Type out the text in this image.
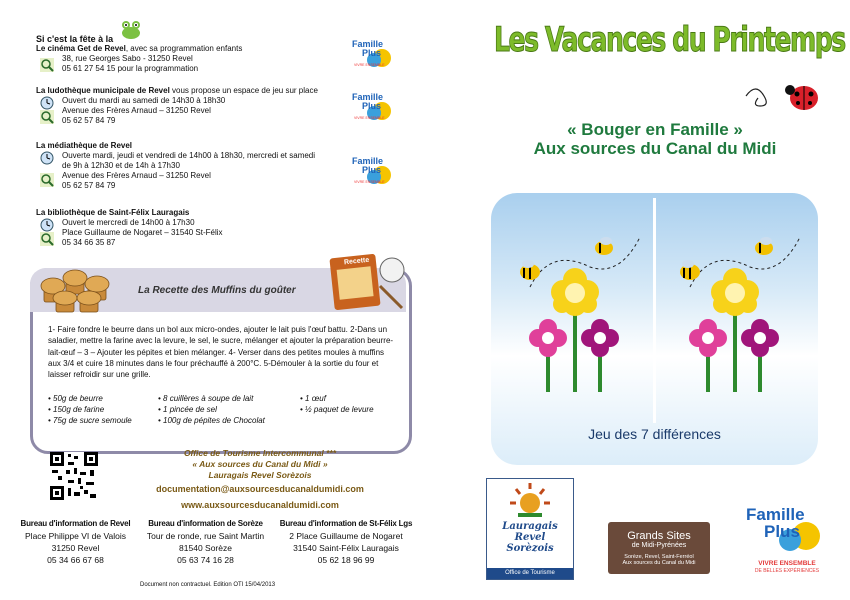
Si c'est la fête à la
Le cinéma Get de Revel, avec sa programmation enfants
38, rue Georges Sabo - 31250 Revel
05 61 27 54 15 pour la programmation
La ludothèque municipale de Revel vous propose un espace de jeu sur place
Ouvert du mardi au samedi de 14h30 à 18h30
Avenue des Frères Arnaud – 31250 Revel
05 62 57 84 79
La médiathèque de Revel
Ouverte mardi, jeudi et vendredi de 14h00 à 18h30, mercredi et samedi
de 9h à 12h30 et de 14h à 17h30
Avenue des Frères Arnaud – 31250 Revel
05 62 57 84 79
La bibliothèque de Saint-Félix Lauragais
Ouvert le mercredi de 14h00 à 17h30
Place Guillaume de Nogaret – 31540 St-Félix
05 34 66 35 87
Famille
Plus
VIVRE ENSEMBLE
Famille
Plus
VIVRE ENSEMBLE
Famille
Plus
VIVRE ENSEMBLE
La Recette des Muffins du goûter
Recette
1- Faire fondre le beurre dans un bol aux micro-ondes, ajouter le lait puis l'œuf battu. 2-Dans un saladier, mettre la farine avec la levure, le sel, le sucre, mélanger et ajouter la préparation beurre-lait-œuf – 3 – Ajouter les pépites et bien mélanger. 4- Verser dans des petites moules à muffins aux 3/4 et cuire 18 minutes dans le four préchauffé à 200°C. 5-Démouler à la sortie du four et laisser refroidir sur une grille.
• 50g de beurre
• 150g de farine
• 75g de sucre semoule
• 8 cuillères à soupe de lait
• 1 pincée de sel
• 100g de pépites de Chocolat
• 1 œuf
• ½ paquet de levure
Office de Tourisme Intercommunal ***
« Aux sources du Canal du Midi »
Lauragais Revel Sorèzois
documentation@auxsourcesducanaldumidi.com
www.auxsourcesducanaldumidi.com
Bureau d'information de Revel
Place Philippe VI de Valois
31250 Revel
05 34 66 67 68
Bureau d'information de Sorèze
Tour de ronde, rue Saint Martin
81540 Sorèze
05 63 74 16 28
Bureau d'information de St-Félix Lgs
2 Place Guillaume de Nogaret
31540 Saint-Félix Lauragais
05 62 18 96 99
Document non contractuel. Edition OTI 15/04/2013
Les Vacances du Printemps
« Bouger en Famille »
Aux sources du Canal du Midi
Jeu des 7 différences
Lauragais
Revel
Sorèzois
Office de Tourisme
Grands Sites
de Midi-Pyrénées
Sorèze, Revel, Saint-Ferréol
Aux sources du Canal du Midi
Famille
Plus
VIVRE ENSEMBLE
DE BELLES EXPÉRIENCES
